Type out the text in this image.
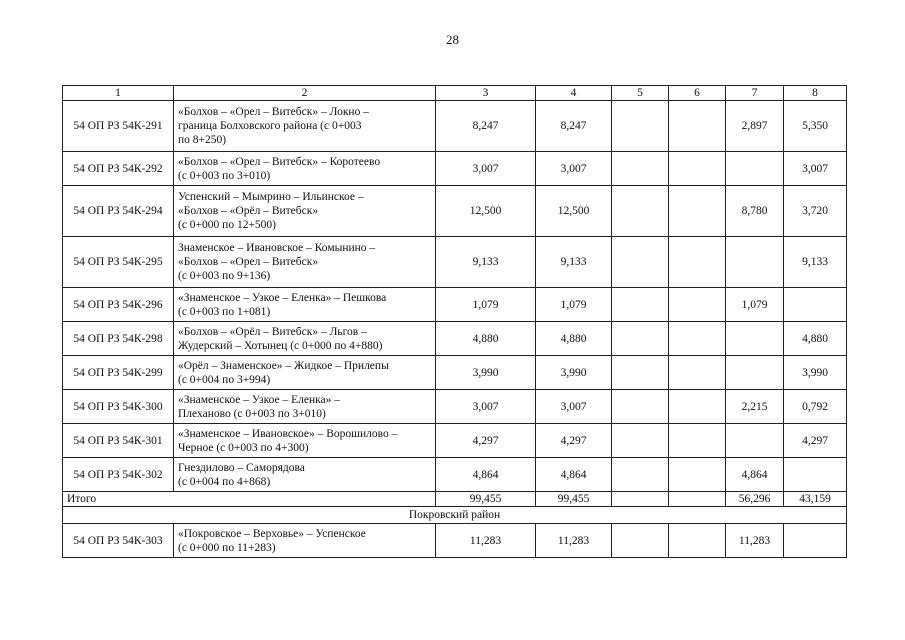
28
1	2	3	4	5	6	7	8
54 ОП РЗ 54К-291	«Болхов – «Орел – Витебск» – Локно –
граница Болховского района (с 0+003
по 8+250)	8,247	8,247			2,897	5,350
54 ОП РЗ 54К-292	«Болхов – «Орел – Витебск» – Коротеево
(с 0+003 по 3+010)	3,007	3,007				3,007
54 ОП РЗ 54К-294	Успенский – Мымрино – Ильинское –
«Болхов – «Орёл – Витебск»
(с 0+000 по 12+500)	12,500	12,500			8,780	3,720
54 ОП РЗ 54К-295	Знаменское – Ивановское – Комынино –
«Болхов – «Орел – Витебск»
(с 0+003 по 9+136)	9,133	9,133				9,133
54 ОП РЗ 54К-296	«Знаменское – Узкое – Еленка» – Пешкова
(с 0+003 по 1+081)	1,079	1,079			1,079	
54 ОП РЗ 54К-298	«Болхов – «Орёл – Витебск» – Льгов –
Жудерский – Хотынец (с 0+000 по 4+880)	4,880	4,880				4,880
54 ОП РЗ 54К-299	«Орёл – Знаменское» – Жидкое – Прилепы
(с 0+004 по 3+994)	3,990	3,990				3,990
54 ОП РЗ 54К-300	«Знаменское – Узкое – Еленка» –
Плеханово (с 0+003 по 3+010)	3,007	3,007			2,215	0,792
54 ОП РЗ 54К-301	«Знаменское – Ивановское» – Ворошилово –
Черное (с 0+003 по 4+300)	4,297	4,297				4,297
54 ОП РЗ 54К-302	Гнездилово – Саморядова
(с 0+004 по 4+868)	4,864	4,864			4,864	
Итого		99,455	99,455			56,296	43,159
Покровский район							
54 ОП РЗ 54К-303	«Покровское – Верховье» – Успенское
(с 0+000 по 11+283)	11,283	11,283			11,283	
